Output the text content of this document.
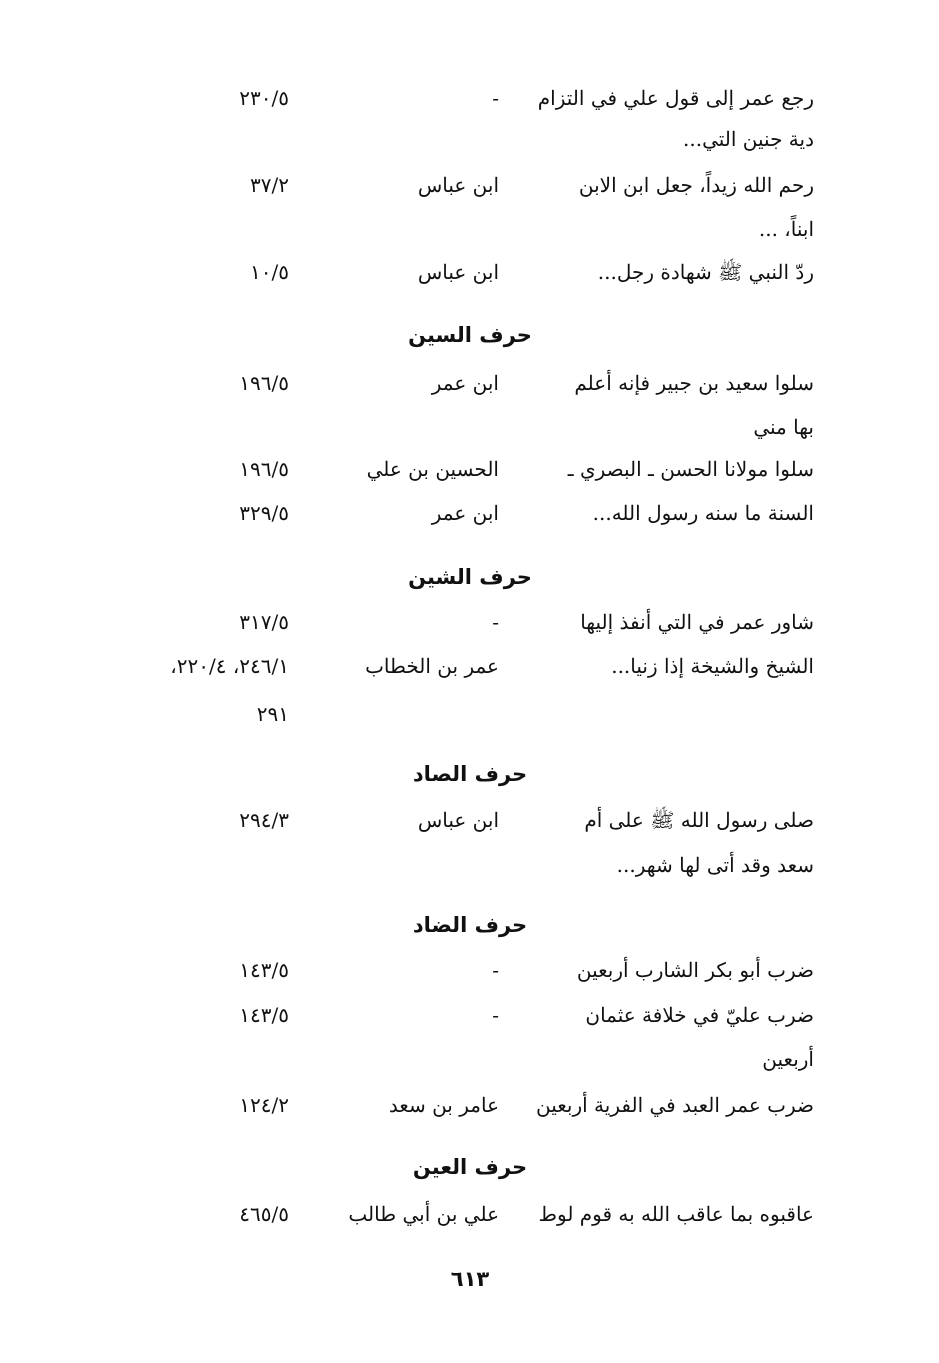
رجع عمر إلى قول علي في التزام
-
٢٣٠/٥
دية جنين التي...
رحم الله زيداً، جعل ابن الابن
ابن عباس
٣٧/٢
ابناً، ...
ردّ النبي ﷺ شهادة رجل...
ابن عباس
١٠/٥
حرف السين
سلوا سعيد بن جبير فإنه أعلم
ابن عمر
١٩٦/٥
بها مني
سلوا مولانا الحسن ـ البصري ـ
الحسين بن علي
١٩٦/٥
السنة ما سنه رسول الله...
ابن عمر
٣٢٩/٥
حرف الشين
شاور عمر في التي أنفذ إليها
-
٣١٧/٥
الشيخ والشيخة إذا زنيا...
عمر بن الخطاب
٢٤٦/١، ٢٢٠/٤،
٢٩١
حرف الصاد
صلى رسول الله ﷺ على أم
ابن عباس
٢٩٤/٣
سعد وقد أتى لها شهر...
حرف الضاد
ضرب أبو بكر الشارب أربعين
-
١٤٣/٥
ضرب عليّ في خلافة عثمان
-
١٤٣/٥
أربعين
ضرب عمر العبد في الفرية أربعين
عامر بن سعد
١٢٤/٢
حرف العين
عاقبوه بما عاقب الله به قوم لوط
علي بن أبي طالب
٤٦٥/٥
٦١٣
